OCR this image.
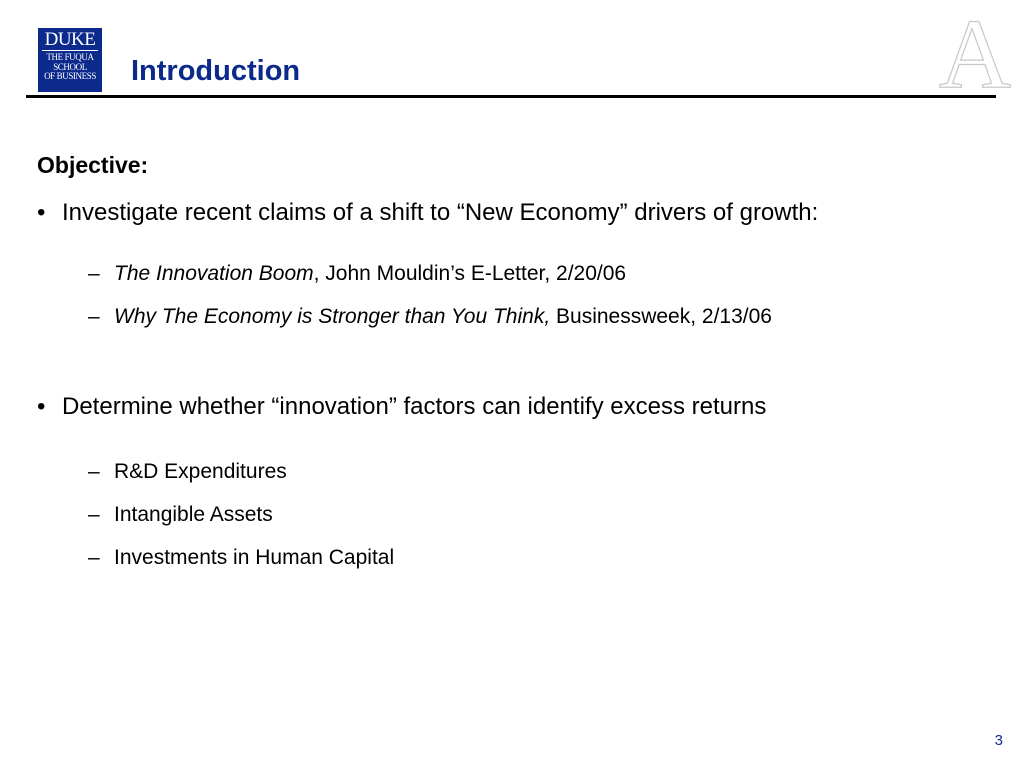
DUKE
THE FUQUA
SCHOOL
OF BUSINESS Introduction	A
Objective:
• Investigate recent claims of a shift to “New Economy” drivers of growth:
– The Innovation Boom, John Mouldin’s E-Letter, 2/20/06
– Why The Economy is Stronger than You Think, Businessweek, 2/13/06
• Determine whether “innovation” factors can identify excess returns
– R&D Expenditures
– Intangible Assets
– Investments in Human Capital
3
